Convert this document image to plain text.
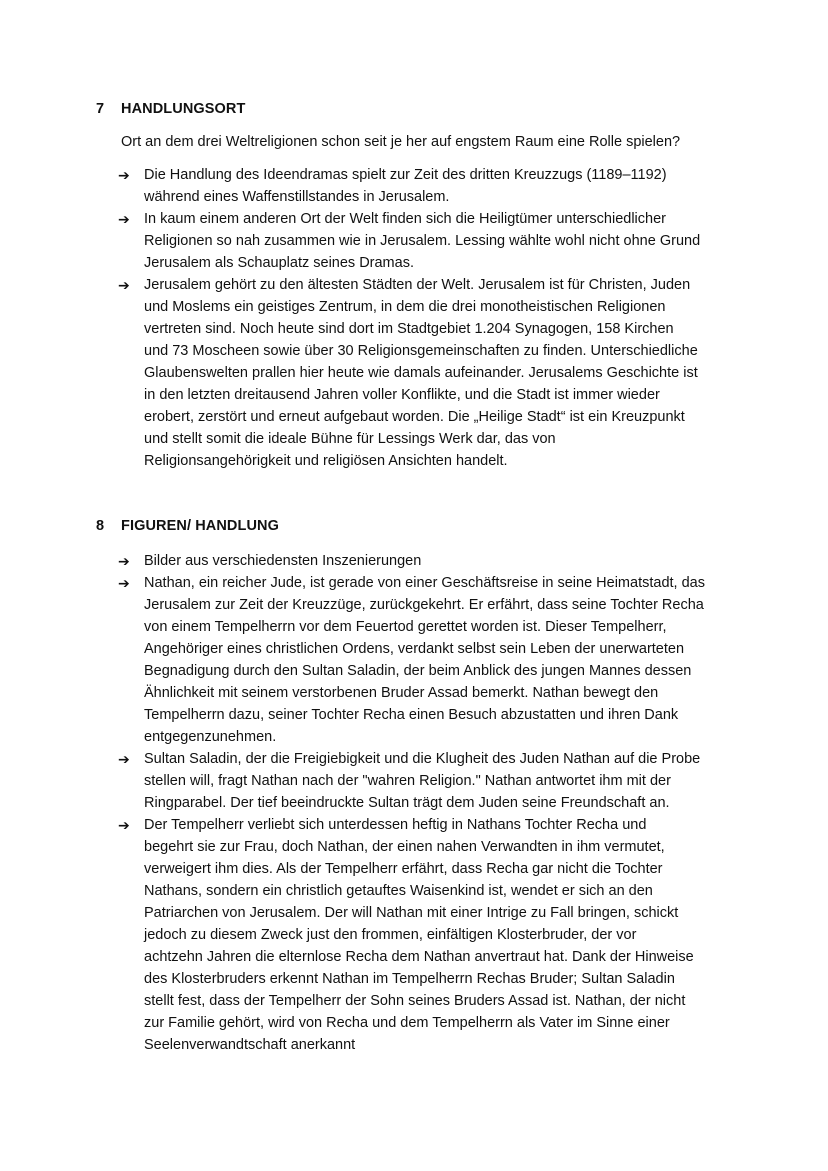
7 HANDLUNGSORT
Ort an dem drei Weltreligionen schon seit je her auf engstem Raum eine Rolle spielen?
➔ Die Handlung des Ideendramas spielt zur Zeit des dritten Kreuzzugs (1189–1192)
während eines Waffenstillstandes in Jerusalem.
➔ In kaum einem anderen Ort der Welt finden sich die Heiligtümer unterschiedlicher
Religionen so nah zusammen wie in Jerusalem. Lessing wählte wohl nicht ohne Grund
Jerusalem als Schauplatz seines Dramas.
➔ Jerusalem gehört zu den ältesten Städten der Welt. Jerusalem ist für Christen, Juden
und Moslems ein geistiges Zentrum, in dem die drei monotheistischen Religionen
vertreten sind. Noch heute sind dort im Stadtgebiet 1.204 Synagogen, 158 Kirchen
und 73 Moscheen sowie über 30 Religionsgemeinschaften zu finden. Unterschiedliche
Glaubenswelten prallen hier heute wie damals aufeinander. Jerusalems Geschichte ist
in den letzten dreitausend Jahren voller Konflikte, und die Stadt ist immer wieder
erobert, zerstört und erneut aufgebaut worden. Die „Heilige Stadt“ ist ein Kreuzpunkt
und stellt somit die ideale Bühne für Lessings Werk dar, das von
Religionsangehörigkeit und religiösen Ansichten handelt.
8 FIGUREN/ HANDLUNG
➔ Bilder aus verschiedensten Inszenierungen
➔ Nathan, ein reicher Jude, ist gerade von einer Geschäftsreise in seine Heimatstadt, das
Jerusalem zur Zeit der Kreuzzüge, zurückgekehrt. Er erfährt, dass seine Tochter Recha
von einem Tempelherrn vor dem Feuertod gerettet worden ist. Dieser Tempelherr,
Angehöriger eines christlichen Ordens, verdankt selbst sein Leben der unerwarteten
Begnadigung durch den Sultan Saladin, der beim Anblick des jungen Mannes dessen
Ähnlichkeit mit seinem verstorbenen Bruder Assad bemerkt. Nathan bewegt den
Tempelherrn dazu, seiner Tochter Recha einen Besuch abzustatten und ihren Dank
entgegenzunehmen.
➔ Sultan Saladin, der die Freigiebigkeit und die Klugheit des Juden Nathan auf die Probe
stellen will, fragt Nathan nach der "wahren Religion." Nathan antwortet ihm mit der
Ringparabel. Der tief beeindruckte Sultan trägt dem Juden seine Freundschaft an.
➔ Der Tempelherr verliebt sich unterdessen heftig in Nathans Tochter Recha und
begehrt sie zur Frau, doch Nathan, der einen nahen Verwandten in ihm vermutet,
verweigert ihm dies. Als der Tempelherr erfährt, dass Recha gar nicht die Tochter
Nathans, sondern ein christlich getauftes Waisenkind ist, wendet er sich an den
Patriarchen von Jerusalem. Der will Nathan mit einer Intrige zu Fall bringen, schickt
jedoch zu diesem Zweck just den frommen, einfältigen Klosterbruder, der vor
achtzehn Jahren die elternlose Recha dem Nathan anvertraut hat. Dank der Hinweise
des Klosterbruders erkennt Nathan im Tempelherrn Rechas Bruder; Sultan Saladin
stellt fest, dass der Tempelherr der Sohn seines Bruders Assad ist. Nathan, der nicht
zur Familie gehört, wird von Recha und dem Tempelherrn als Vater im Sinne einer
Seelenverwandtschaft anerkannt
